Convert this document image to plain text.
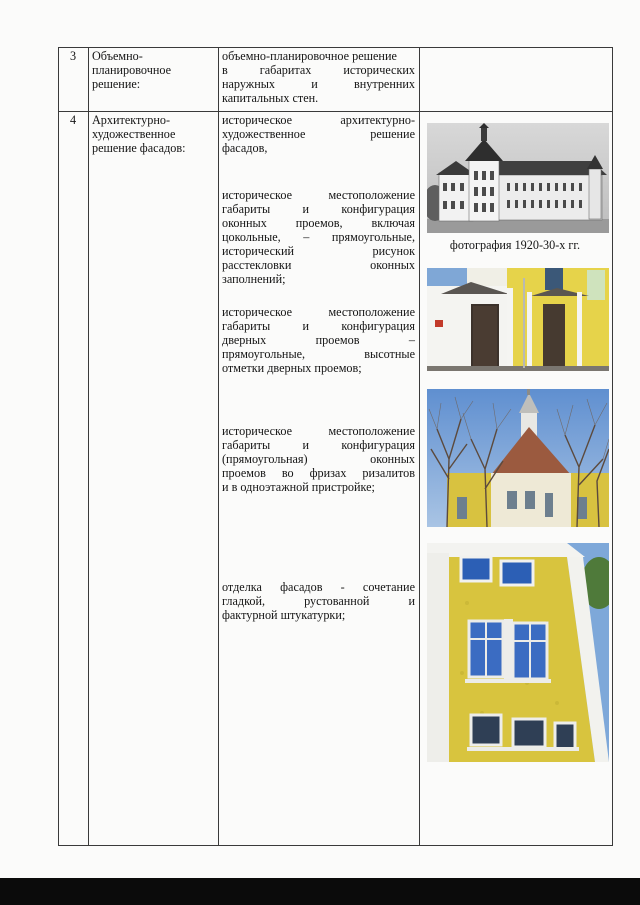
3	Объемно-
планировочное
решение:

объемно-планировочное решение

в габаритах исторических

наружных и внутренних

капитальных стен.

4	Архитектурно-
художественное
решение фасадов:

историческое архитектурно-

художественное решение

фасадов,

историческое местоположение

габариты и конфигурация

оконных проемов, включая

цокольные, – прямоугольные,

исторический рисунок

расстекловки оконных

заполнений;

историческое местоположение

габариты и конфигурация

дверных проемов –

прямоугольные, высотные

отметки дверных проемов;

историческое местоположение

габариты и конфигурация

(прямоугольная) оконных

проемов во фризах ризалитов

и в одноэтажной пристройке;

отделка фасадов - сочетание

гладкой, рустованной и

фактурной штукатурки;

фотография 1920-30-х гг.
